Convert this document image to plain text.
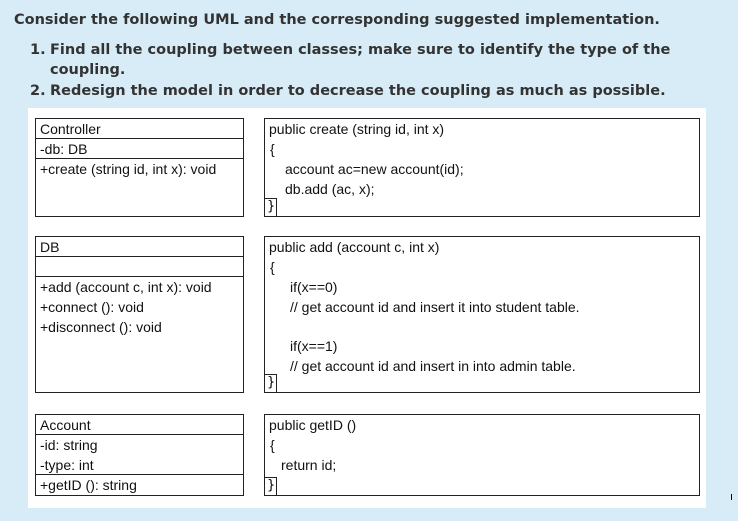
Consider the following UML and the corresponding suggested implementation.

1. Find all the coupling between classes; make sure to identify the type of the coupling.
2. Redesign the model in order to decrease the coupling as much as possible.
Controller
-db: DB
+create (string id, int x): void
public create (string id, int x)
{
account ac=new account(id);
db.add (ac, x);
}
DB
+add (account c, int x): void
+connect (): void
+disconnect (): void
public add (account c, int x)
{
if(x==0)
// get account id and insert it into student table.
if(x==1)
// get account id and insert in into admin table.
}
Account
-id: string
-type: int
+getID (): string
public getID ()
{
return id;
}
